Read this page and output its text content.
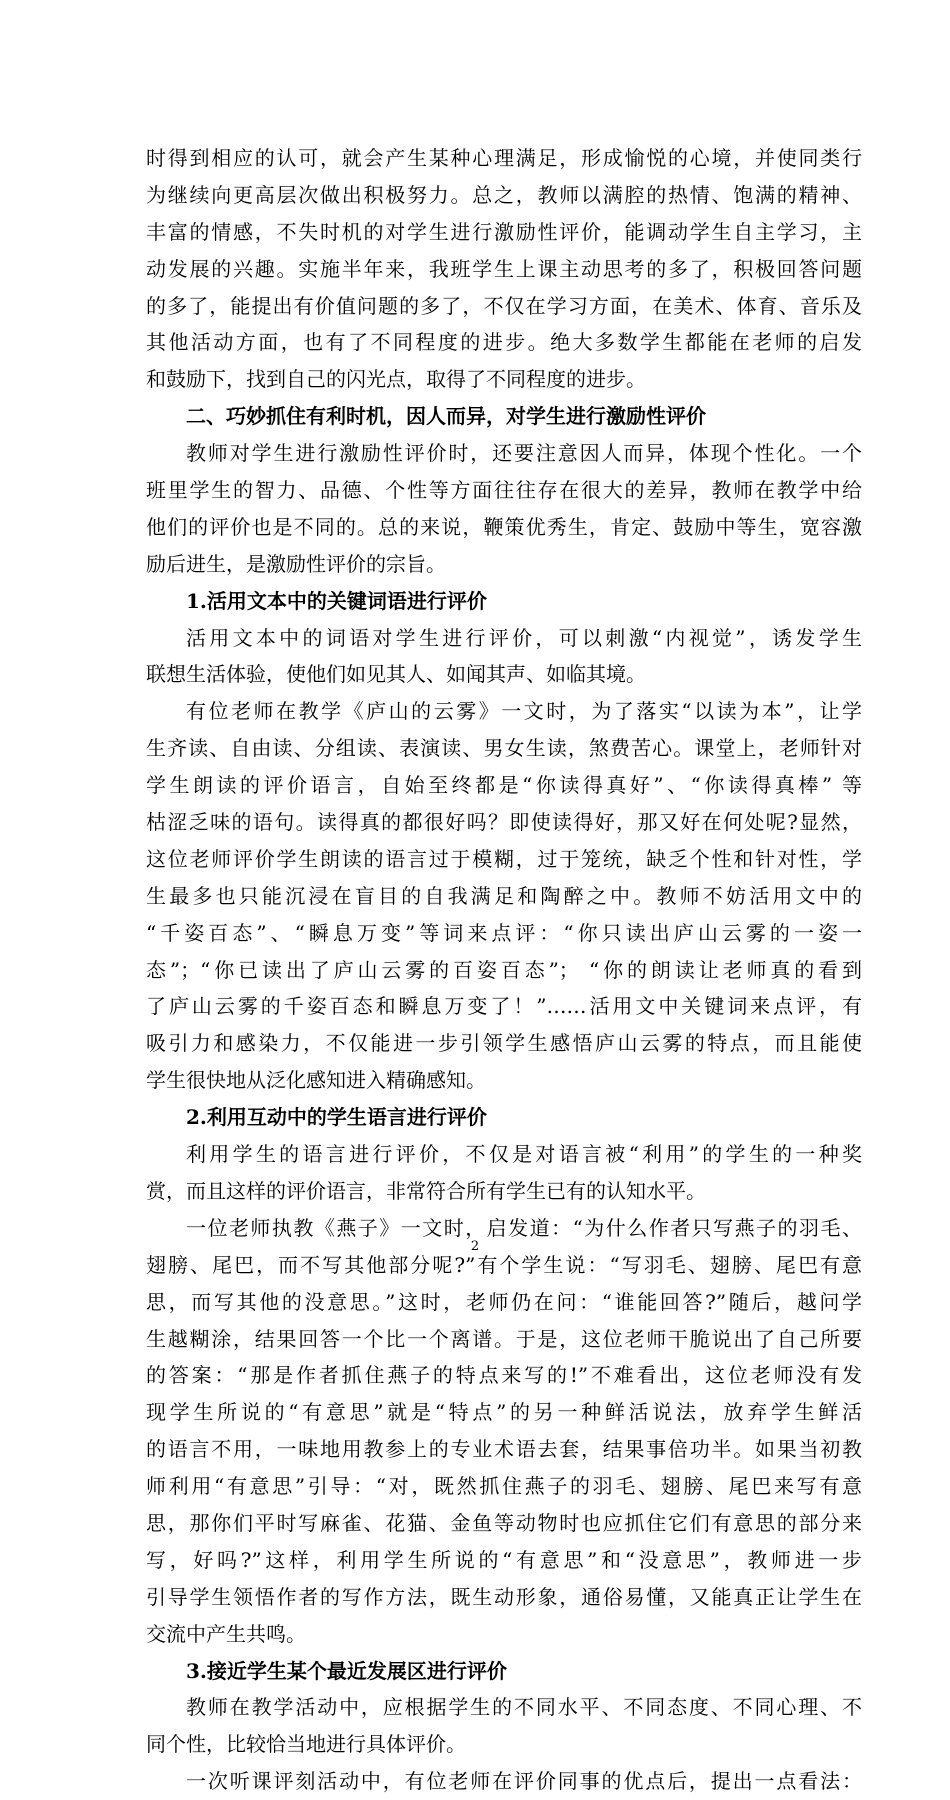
时得到相应的认可，就会产生某种心理满足，形成愉悦的心境，并使同类行
为继续向更高层次做出积极努力。总之，教师以满腔的热情、饱满的精神、
丰富的情感，不失时机的对学生进行激励性评价，能调动学生自主学习，主
动发展的兴趣。实施半年来，我班学生上课主动思考的多了，积极回答问题
的多了，能提出有价值问题的多了，不仅在学习方面，在美术、体育、音乐及
其他活动方面，也有了不同程度的进步。绝大多数学生都能在老师的启发
和鼓励下，找到自己的闪光点，取得了不同程度的进步。
二、巧妙抓住有利时机，因人而异，对学生进行激励性评价
教师对学生进行激励性评价时，还要注意因人而异，体现个性化。一个
班里学生的智力、品德、个性等方面往往存在很大的差异，教师在教学中给
他们的评价也是不同的。总的来说，鞭策优秀生，肯定、鼓励中等生，宽容激
励后进生，是激励性评价的宗旨。
1.活用文本中的关键词语进行评价
活用文本中的词语对学生进行评价，可以刺激“内视觉”，诱发学生
联想生活体验，使他们如见其人、如闻其声、如临其境。
有位老师在教学《庐山的云雾》一文时，为了落实“以读为本”，让学
生齐读、自由读、分组读、表演读、男女生读，煞费苦心。课堂上，老师针对
学生朗读的评价语言，自始至终都是“你读得真好”、“你读得真棒” 等
枯涩乏味的语句。读得真的都很好吗？即使读得好，那又好在何处呢?显然，
这位老师评价学生朗读的语言过于模糊，过于笼统，缺乏个性和针对性，学
生最多也只能沉浸在盲目的自我满足和陶醉之中。教师不妨活用文中的
“千姿百态”、“瞬息万变”等词来点评：“你只读出庐山云雾的一姿一
态”；“你已读出了庐山云雾的百姿百态”； “你的朗读让老师真的看到
了庐山云雾的千姿百态和瞬息万变了！”……活用文中关键词来点评，有
吸引力和感染力，不仅能进一步引领学生感悟庐山云雾的特点，而且能使
学生很快地从泛化感知进入精确感知。
2.利用互动中的学生语言进行评价
利用学生的语言进行评价，不仅是对语言被“利用”的学生的一种奖
赏，而且这样的评价语言，非常符合所有学生已有的认知水平。
一位老师执教《燕子》一文时，启发道：“为什么作者只写燕子的羽毛、
翅膀、尾巴，而不写其他部分呢?”有个学生说：“写羽毛、翅膀、尾巴有意
思，而写其他的没意思。”这时，老师仍在问：“谁能回答?”随后，越问学
生越糊涂，结果回答一个比一个离谱。于是，这位老师干脆说出了自己所要
的答案：“那是作者抓住燕子的特点来写的!”不难看出，这位老师没有发
现学生所说的“有意思”就是“特点”的另一种鲜活说法，放弃学生鲜活
的语言不用，一味地用教参上的专业术语去套，结果事倍功半。如果当初教
师利用“有意思”引导：“对，既然抓住燕子的羽毛、翅膀、尾巴来写有意
思，那你们平时写麻雀、花猫、金鱼等动物时也应抓住它们有意思的部分来
写，好吗?”这样，利用学生所说的“有意思”和“没意思”，教师进一步
引导学生领悟作者的写作方法，既生动形象，通俗易懂，又能真正让学生在
交流中产生共鸣。
3.接近学生某个最近发展区进行评价
教师在教学活动中，应根据学生的不同水平、不同态度、不同心理、不
同个性，比较恰当地进行具体评价。
一次听课评刻活动中，有位老师在评价同事的优点后，提出一点看法：
2
